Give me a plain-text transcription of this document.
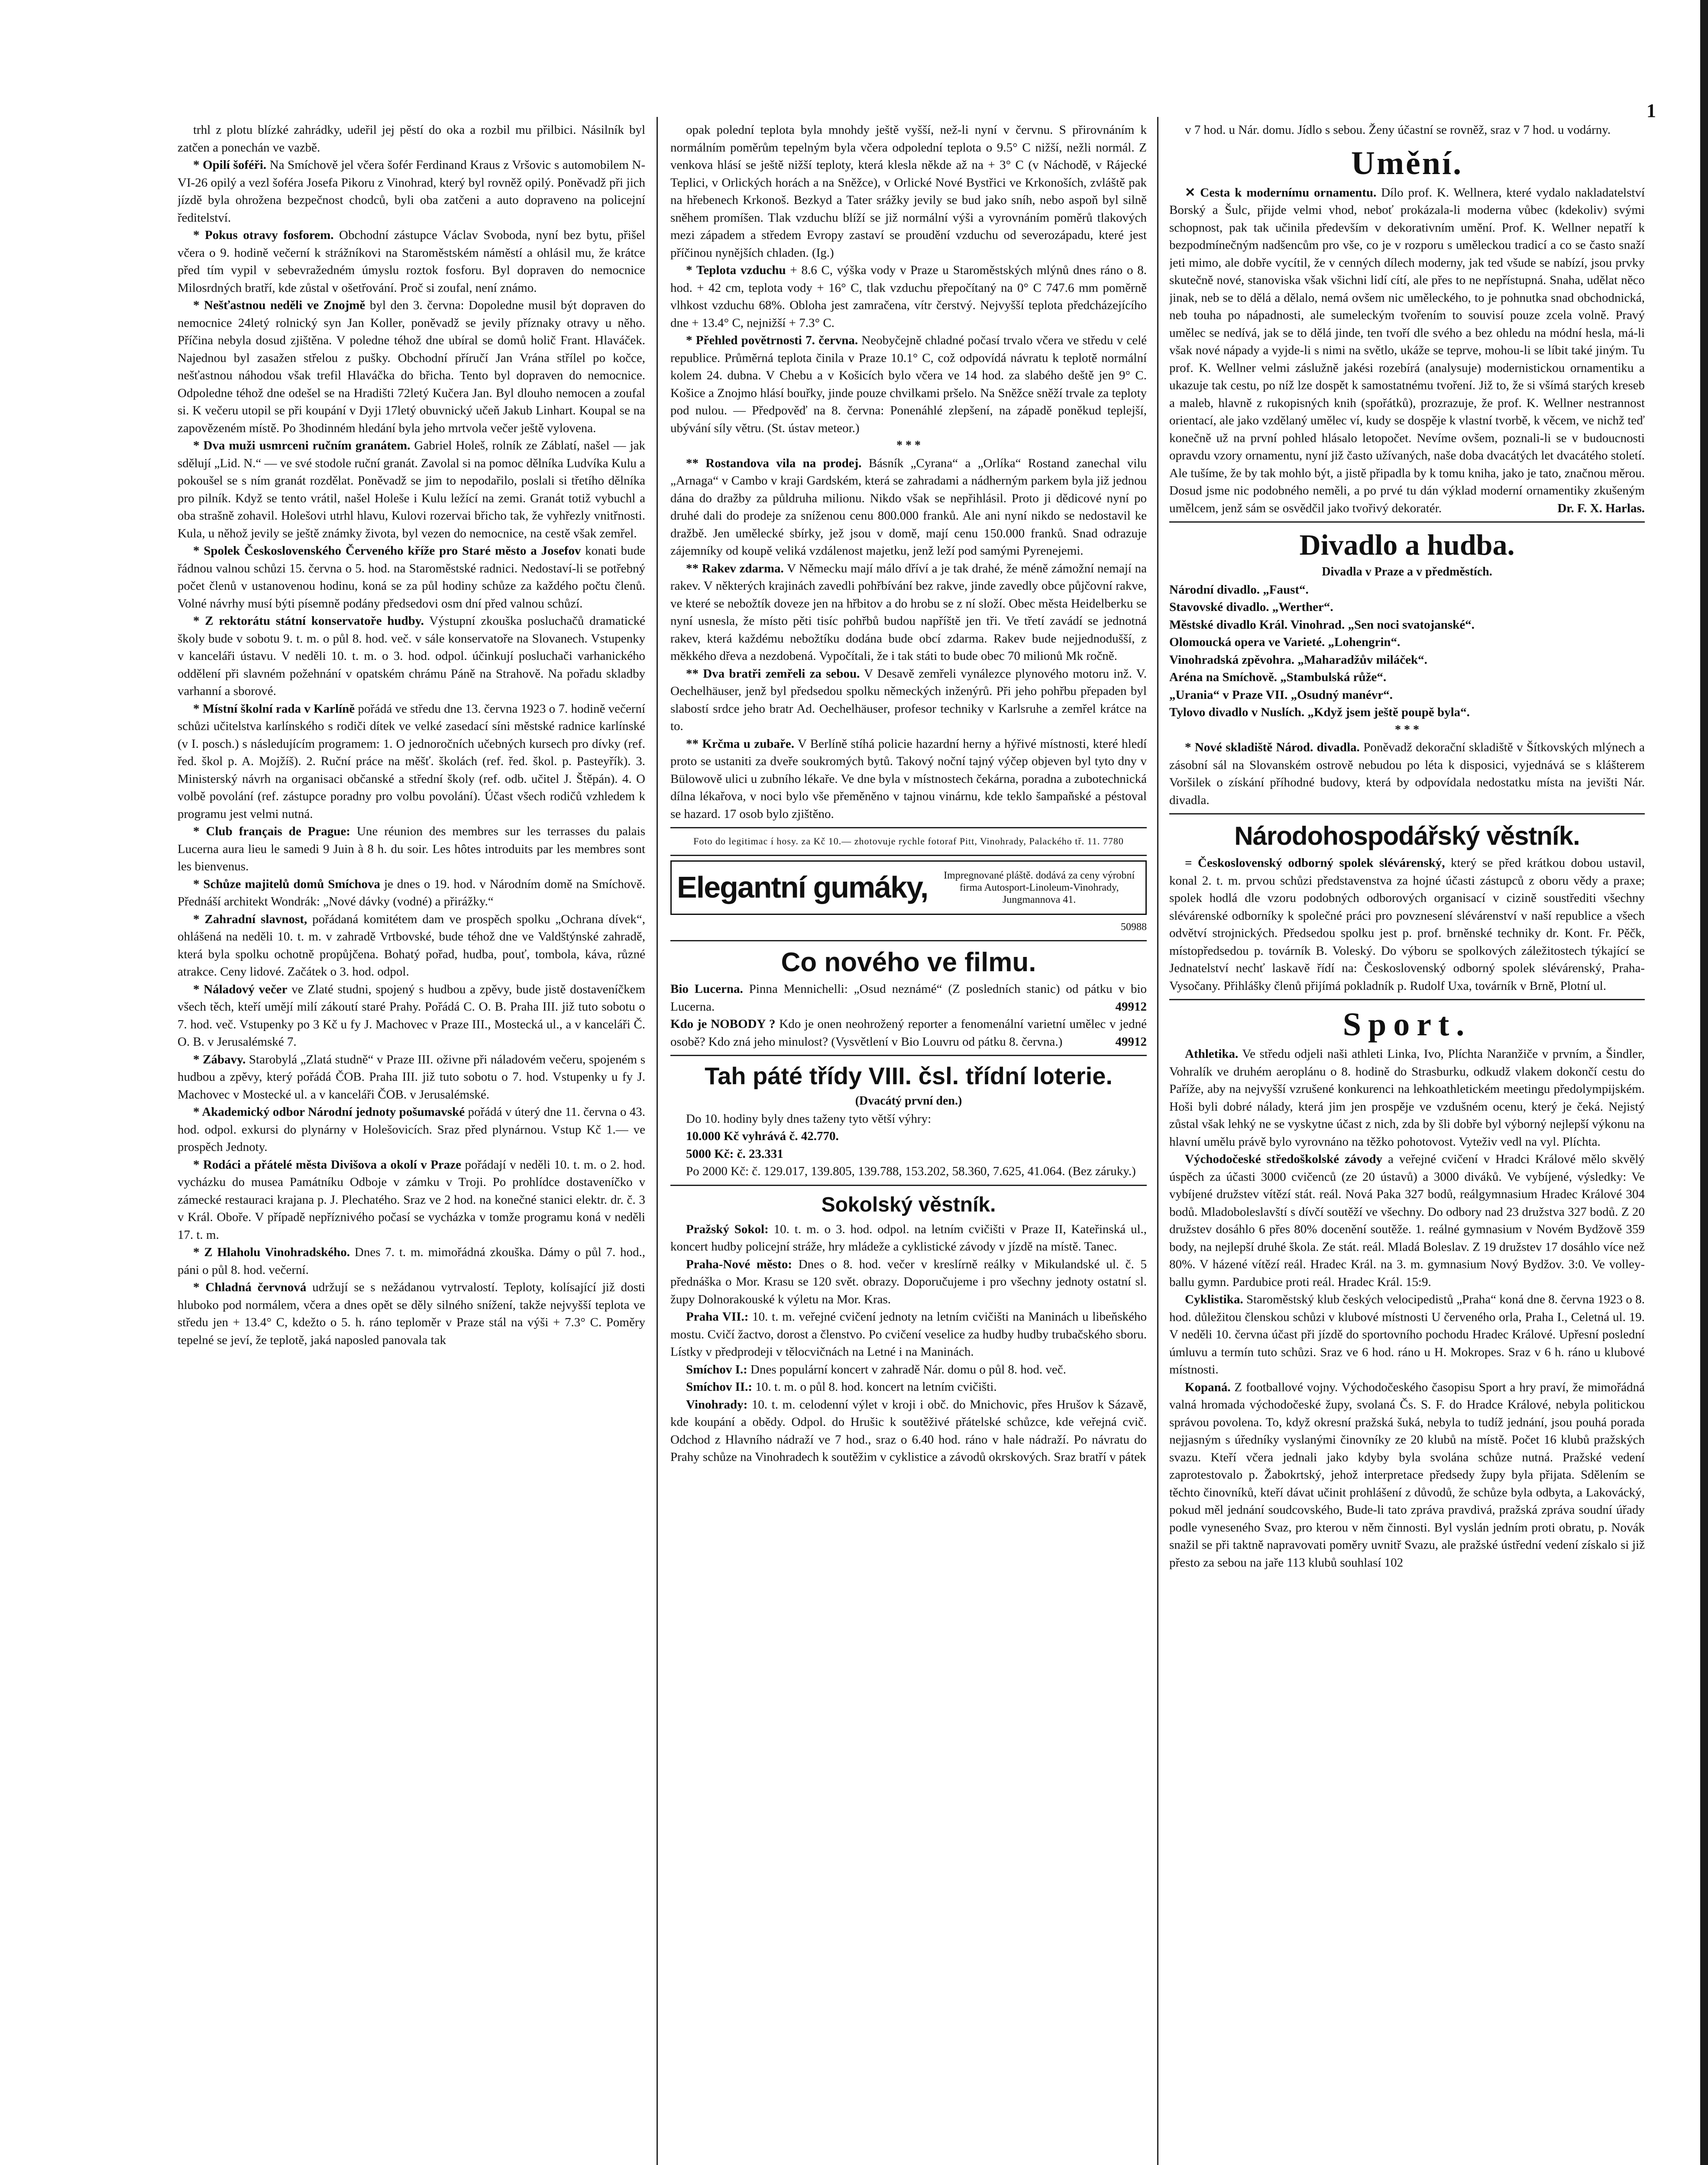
1

trhl z plotu blízké zahrádky, udeřil jej pěstí do oka a rozbil mu přilbici. Násilník byl zatčen a ponechán ve vazbě.

* Opilí šoféři. Na Smíchově jel včera šofér Ferdinand Kraus z Vršovic s automobilem N-VI-26 opilý a vezl šoféra Josefa Pikoru z Vinohrad, který byl rovněž opilý. Poněvadž při jich jízdě byla ohrožena bezpečnost chodců, byli oba zatčeni a auto dopraveno na policejní ředitelství.

* Pokus otravy fosforem. Obchodní zástupce Václav Svoboda, nyní bez bytu, přišel včera o 9. hodině večerní k strážníkovi na Staroměstském náměstí a ohlásil mu, že krátce před tím vypil v sebevražedném úmyslu roztok fosforu. Byl dopraven do nemocnice Milosrdných bratří, kde zůstal v ošetřování. Proč si zoufal, není známo.

* Nešťastnou neděli ve Znojmě byl den 3. června: Dopoledne musil být dopraven do nemocnice 24letý rolnický syn Jan Koller, poněvadž se jevily příznaky otravy u něho. Příčina nebyla dosud zjištěna. V poledne téhož dne ubíral se domů holič Frant. Hlaváček. Najednou byl zasažen střelou z pušky. Obchodní příručí Jan Vrána střílel po kočce, nešťastnou náhodou však trefil Hlaváčka do břicha. Tento byl dopraven do nemocnice. Odpoledne téhož dne odešel se na Hradišti 72letý Kučera Jan. Byl dlouho nemocen a zoufal si. K večeru utopil se při koupání v Dyji 17letý obuvnický učeň Jakub Linhart. Koupal se na zapovězeném místě. Po 3hodinném hledání byla jeho mrtvola večer ještě vylovena.

* Dva muži usmrceni ručním granátem. Gabriel Holeš, rolník ze Záblatí, našel — jak sdělují „Lid. N.“ — ve své stodole ruční granát. Zavolal si na pomoc dělníka Ludvíka Kulu a pokoušel se s ním granát rozdělat. Poněvadž se jim to nepodařilo, poslali si třetího dělníka pro pilník. Když se tento vrátil, našel Holeše i Kulu ležící na zemi. Granát totiž vybuchl a oba strašně zohavil. Holešovi utrhl hlavu, Kulovi rozervai břicho tak, že vyhřezly vnitřnosti. Kula, u něhož jevily se ještě známky života, byl vezen do nemocnice, na cestě však zemřel.

* Spolek Československého Červeného kříže pro Staré město a Josefov konati bude řádnou valnou schůzi 15. června o 5. hod. na Staroměstské radnici. Nedostaví-li se potřebný počet členů v ustanovenou hodinu, koná se za půl hodiny schůze za každého počtu členů. Volné návrhy musí býti písemně podány předsedovi osm dní před valnou schůzí.

* Z rektorátu státní konservatoře hudby. Výstupní zkouška posluchačů dramatické školy bude v sobotu 9. t. m. o půl 8. hod. več. v sále konservatoře na Slovanech. Vstupenky v kanceláři ústavu. V neděli 10. t. m. o 3. hod. odpol. účinkují posluchači varhanického oddělení při slavném požehnání v opatském chrámu Páně na Strahově. Na pořadu skladby varhanní a sborové.

* Místní školní rada v Karlíně pořádá ve středu dne 13. června 1923 o 7. hodině večerní schůzi učitelstva karlínského s rodiči dítek ve velké zasedací síni městské radnice karlínské (v I. posch.) s následujícím programem: 1. O jednoročních učebných kursech pro dívky (ref. řed. škol p. A. Mojžíš). 2. Ruční práce na měšť. školách (ref. řed. škol. p. Pasteyřík). 3. Ministerský návrh na organisaci občanské a střední školy (ref. odb. učitel J. Štěpán). 4. O volbě povolání (ref. zástupce poradny pro volbu povolání). Účast všech rodičů vzhledem k programu jest velmi nutná.

* Club français de Prague: Une réunion des membres sur les terrasses du palais Lucerna aura lieu le samedi 9 Juin à 8 h. du soir. Les hôtes introduits par les membres sont les bienvenus.

* Schůze majitelů domů Smíchova je dnes o 19. hod. v Národním domě na Smíchově. Přednáší architekt Wondrák: „Nové dávky (vodné) a přirážky.“

* Zahradní slavnost, pořádaná komitétem dam ve prospěch spolku „Ochrana dívek“, ohlášená na neděli 10. t. m. v zahradě Vrtbovské, bude téhož dne ve Valdštýnské zahradě, která byla spolku ochotně propůjčena. Bohatý pořad, hudba, pouť, tombola, káva, různé atrakce. Ceny lidové. Začátek o 3. hod. odpol.

* Náladový večer ve Zlaté studni, spojený s hudbou a zpěvy, bude jistě dostaveníčkem všech těch, kteří umějí milí zákoutí staré Prahy. Pořádá C. O. B. Praha III. již tuto sobotu o 7. hod. več. Vstupenky po 3 Kč u fy J. Machovec v Praze III., Mostecká ul., a v kanceláři Č. O. B. v Jerusalémské 7.

* Zábavy. Starobylá „Zlatá studně“ v Praze III. oživne při náladovém večeru, spojeném s hudbou a zpěvy, který pořádá ČOB. Praha III. již tuto sobotu o 7. hod. Vstupenky u fy J. Machovec v Mostecké ul. a v kanceláři ČOB. v Jerusalémské.

* Akademický odbor Národní jednoty pošumavské pořádá v úterý dne 11. června o 43. hod. odpol. exkursi do plynárny v Holešovicích. Sraz před plynárnou. Vstup Kč 1.— ve prospěch Jednoty.

* Rodáci a přátelé města Divišova a okolí v Praze pořádají v neděli 10. t. m. o 2. hod. vycházku do musea Památníku Odboje v zámku v Troji. Po prohlídce dostaveníčko v zámecké restauraci krajana p. J. Plechatého. Sraz ve 2 hod. na konečné stanici elektr. dr. č. 3 v Král. Oboře. V případě nepříznivého počasí se vycházka v tomže programu koná v neděli 17. t. m.

* Z Hlaholu Vinohradského. Dnes 7. t. m. mimořádná zkouška. Dámy o půl 7. hod., páni o půl 8. hod. večerní.

* Chladná červnová udržují se s nežádanou vytrvalostí. Teploty, kolísající již dosti hluboko pod normálem, včera a dnes opět se děly silného snížení, takže nejvyšší teplota ve středu jen + 13.4° C, kdežto o 5. h. ráno teploměr v Praze stál na výši + 7.3° C. Poměry tepelné se jeví, že teplotě, jaká naposled panovala tak

opak polední teplota byla mnohdy ještě vyšší, než-li nyní v červnu. S přirovnáním k normálním poměrům tepelným byla včera odpolední teplota o 9.5° C nižší, nežli normál. Z venkova hlásí se ještě nižší teploty, která klesla někde až na + 3° C (v Náchodě, v Rájecké Teplici, v Orlických horách a na Sněžce), v Orlické Nové Bystřici ve Krkonoších, zvláště pak na hřebenech Krkonoš. Bezkyd a Tater srážky jevily se bud jako sníh, nebo aspoň byl silně sněhem promíšen. Tlak vzduchu blíží se již normální výši a vyrovnáním poměrů tlakových mezi západem a středem Evropy zastaví se proudění vzduchu od severozápadu, které jest příčinou nynějších chladen. (Ig.)

* Teplota vzduchu + 8.6 C, výška vody v Praze u Staroměstských mlýnů dnes ráno o 8. hod. + 42 cm, teplota vody + 16° C, tlak vzduchu přepočítaný na 0° C 747.6 mm poměrně vlhkost vzduchu 68%. Obloha jest zamračena, vítr čerstvý. Nejvyšší teplota předcházejícího dne + 13.4° C, nejnižší + 7.3° C.

* Přehled povětrnosti 7. června. Neobyčejně chladné počasí trvalo včera ve středu v celé republice. Průměrná teplota činila v Praze 10.1° C, což odpovídá návratu k teplotě normální kolem 24. dubna. V Chebu a v Košicích bylo včera ve 14 hod. za slabého deště jen 9° C. Košice a Znojmo hlásí bouřky, jinde pouze chvilkami pršelo. Na Sněžce sněží trvale za teploty pod nulou. — Předpověď na 8. června: Ponenáhlé zlepšení, na západě poněkud teplejší, ubývání síly větru. (St. ústav meteor.)

* * *

** Rostandova vila na prodej. Básník „Cyrana“ a „Orlíka“ Rostand zanechal vilu „Arnaga“ v Cambo v kraji Gardském, která se zahradami a nádherným parkem byla již jednou dána do dražby za půldruha milionu. Nikdo však se nepřihlásil. Proto ji dědicové nyní po druhé dali do prodeje za sníženou cenu 800.000 franků. Ale ani nyní nikdo se nedostavil ke dražbě. Jen umělecké sbírky, jež jsou v domě, mají cenu 150.000 franků. Snad odrazuje zájemníky od koupě veliká vzdálenost majetku, jenž leží pod samými Pyrenejemi.

** Rakev zdarma. V Německu mají málo dříví a je tak drahé, že méně zámožní nemají na rakev. V některých krajinách zavedli pohřbívání bez rakve, jinde zavedly obce půjčovní rakve, ve které se nebožtík doveze jen na hřbitov a do hrobu se z ní složí. Obec města Heidelberku se nyní usnesla, že místo pěti tisíc pohřbů budou napříště jen tři. Ve třetí zavádí se jednotná rakev, která každému nebožtíku dodána bude obcí zdarma. Rakev bude nejjednodušší, z měkkého dřeva a nezdobená. Vypočítali, že i tak státi to bude obec 70 milionů Mk ročně.

** Dva bratři zemřeli za sebou. V Desavě zemřeli vynálezce plynového motoru inž. V. Oechelhäuser, jenž byl předsedou spolku německých inženýrů. Při jeho pohřbu přepaden byl slabostí srdce jeho bratr Ad. Oechelhäuser, profesor techniky v Karlsruhe a zemřel krátce na to.

** Krčma u zubaře. V Berlíně stíhá policie hazardní herny a hýřivé místnosti, které hledí proto se ustaniti za dveře soukromých bytů. Takový noční tajný výčep objeven byl tyto dny v Bülowově ulici u zubního lékaře. Ve dne byla v místnostech čekárna, poradna a zubotechnická dílna lékařova, v noci bylo vše přeměněno v tajnou vinárnu, kde teklo šampaňské a péstoval se hazard. 17 osob bylo zjištěno.

Foto do legitimac í hosy. za Kč 10.— zhotovuje rychle fotoraf Pitt, Vinohrady, Palackého tř. 11. 7780
Elegantní gumáky,	Impregnované pláště. dodává za ceny výrobní firma Autosport-Linoleum-Vinohrady, Jungmannova 41.
50988
Co nového ve filmu.

Bio Lucerna. Pinna Mennichelli: „Osud neznámé“ (Z posledních stanic) od pátku v bio Lucerna.	49912

Kdo je NOBODY ? Kdo je onen neohrožený reporter a fenomenální varietní umělec v jedné osobě? Kdo zná jeho minulost? (Vysvětlení v Bio Louvru od pátku 8. června.)	49912

Tah páté třídy VIII. čsl. třídní loterie.
(Dvacátý první den.)

Do 10. hodiny byly dnes taženy tyto větší výhry:

10.000 Kč vyhrává č. 42.770.

5000 Kč: č. 23.331

Po 2000 Kč: č. 129.017, 139.805, 139.788, 153.202, 58.360, 7.625, 41.064. (Bez záruky.)

Sokolský věstník.

Pražský Sokol: 10. t. m. o 3. hod. odpol. na letním cvičišti v Praze II, Kateřinská ul., koncert hudby policejní stráže, hry mládeže a cyklistické závody v jízdě na místě. Tanec.

Praha-Nové město: Dnes o 8. hod. večer v kreslírně reálky v Mikulandské ul. č. 5 přednáška o Mor. Krasu se 120 svět. obrazy. Doporučujeme i pro všechny jednoty ostatní sl. župy Dolnorakouské k výletu na Mor. Kras.

Praha VII.: 10. t. m. veřejné cvičení jednoty na letním cvičišti na Maninách u libeňského mostu. Cvičí žactvo, dorost a členstvo. Po cvičení veselice za hudby hudby trubačského sboru. Lístky v předprodeji v tělocvičnách na Letné i na Maninách.

Smíchov I.: Dnes populární koncert v zahradě Nár. domu o půl 8. hod. več.

Smíchov II.: 10. t. m. o půl 8. hod. koncert na letním cvičišti.

Vinohrady: 10. t. m. celodenní výlet v kroji i obč. do Mnichovic, přes Hrušov k Sázavě, kde koupání a obědy. Odpol. do Hrušic k soutěživé přátelské schůzce, kde veřejná cvič. Odchod z Hlavního nádraží ve 7 hod., sraz o 6.40 hod. ráno v hale nádraží. Po návratu do Prahy schůze na Vinohradech k soutěžim v cyklistice a závodů okrskových. Sraz bratří v pátek

v 7 hod. u Nár. domu. Jídlo s sebou. Ženy účastní se rovněž, sraz v 7 hod. u vodárny.

Umění.

✕ Cesta k modernímu ornamentu. Dílo prof. K. Wellnera, které vydalo nakladatelství Borský a Šulc, přijde velmi vhod, neboť prokázala-li moderna vůbec (kdekoliv) svými schopnost, pak tak učinila především v dekorativním umění. Prof. K. Wellner nepatří k bezpodmínečným nadšencům pro vše, co je v rozporu s uměleckou tradicí a co se často snaží jeti mimo, ale dobře vycítil, že v cenných dílech moderny, jak ted všude se nabízí, jsou prvky skutečně nové, stanoviska však všichni lidí cítí, ale přes to ne nepřístupná. Snaha, udělat něco jinak, neb se to dělá a dělalo, nemá ovšem nic uměleckého, to je pohnutka snad obchodnická, neb touha po nápadnosti, ale sumeleckým tvořením to souvisí pouze zcela volně. Pravý umělec se nedívá, jak se to dělá jinde, ten tvoří dle svého a bez ohledu na módní hesla, má-li však nové nápady a vyjde-li s nimi na světlo, ukáže se teprve, mohou-li se líbit také jiným. Tu prof. K. Wellner velmi záslužně jakési rozebírá (analysuje) modernistickou ornamentiku a ukazuje tak cestu, po níž lze dospět k samostatnému tvoření. Již to, že si všímá starých kreseb a maleb, hlavně z rukopisných knih (spořátků), prozrazuje, že prof. K. Wellner nestrannost orientací, ale jako vzdělaný umělec ví, kudy se dospěje k vlastní tvorbě, k věcem, ve nichž teď konečně už na první pohled hlásalo letopočet. Nevíme ovšem, poznali-li se v budoucnosti opravdu vzory ornamentu, nyní již často užívaných, naše doba dvacátých let dvacátého století. Ale tušíme, že by tak mohlo být, a jistě připadla by k tomu kniha, jako je tato, značnou měrou. Dosud jsme nic podobného neměli, a po prvé tu dán výklad moderní ornamentiky zkušeným umělcem, jenž sám se osvědčil jako tvořivý dekoratér.	Dr. F. X. Harlas.

Divadlo a hudba.
Divadla v Praze a v předměstích.

Národní divadlo. „Faust“.

Stavovské divadlo. „Werther“.

Městské divadlo Král. Vinohrad. „Sen noci svatojanské“.

Olomoucká opera ve Varieté. „Lohengrin“.

Vinohradská zpěvohra. „Maharadžův miláček“.

Aréna na Smíchově. „Stambulská růže“.

„Urania“ v Praze VII. „Osudný manévr“.

Tylovo divadlo v Nuslích. „Když jsem ještě poupě byla“.

* * *

* Nové skladiště Národ. divadla. Poněvadž dekorační skladiště v Šítkovských mlýnech a zásobní sál na Slovanském ostrově nebudou po léta k disposici, vyjednává se s klášterem Voršilek o získání příhodné budovy, která by odpovídala nedostatku místa na jevišti Nár. divadla.

Národohospodářský věstník.

= Československý odborný spolek slévárenský, který se před krátkou dobou ustavil, konal 2. t. m. prvou schůzi představenstva za hojné účasti zástupců z oboru vědy a praxe; spolek hodlá dle vzoru podobných odborových organisací v cizině soustřediti všechny slévárenské odborníky k společné práci pro povznesení slévárenství v naší republice a všech odvětví strojnických. Předsedou spolku jest p. prof. brněnské techniky dr. Kont. Fr. Pěčk, místopředsedou p. továrník B. Voleský. Do výboru se spolkových záležitostech týkající se Jednatelství nechť laskavě řídí na: Československý odborný spolek slévárenský, Praha-Vysočany. Přihlášky členů přijímá pokladník p. Rudolf Uxa, továrník v Brně, Plotní ul.

Sport.

Athletika. Ve středu odjeli naši athleti Linka, Ivo, Plíchta Naranžiče v prvním, a Šindler, Vohralík ve druhém aeroplánu o 8. hodině do Strasburku, odkudž vlakem dokončí cestu do Paříže, aby na nejvyšší vzrušené konkurenci na lehkoathletickém meetingu předolympijském. Hoši byli dobré nálady, která jim jen prospěje ve vzdušném ocenu, který je čeká. Nejistý zůstal však lehký ne se vyskytne účast z nich, zda by šli dobře byl výborný nejlepší výkonu na hlavní umělu právě bylo vyrovnáno na těžko pohotovost. Vyteživ vedl na vyl. Plíchta.

Východočeské středoškolské závody a veřejné cvičení v Hradci Králové mělo skvělý úspěch za účasti 3000 cvičenců (ze 20 ústavů) a 3000 diváků. Ve vybíjené, výsledky: Ve vybíjené družstev vítězí stát. reál. Nová Paka 327 bodů, reálgymnasium Hradec Králové 304 bodů. Mladoboleslavští s dívčí soutěží ve všechny. Do odbory nad 23 družstva 327 bodů. Z 20 družstev dosáhlo 6 přes 80% docenění soutěže. 1. reálné gymnasium v Novém Bydžově 359 body, na nejlepší druhé škola. Ze stát. reál. Mladá Boleslav. Z 19 družstev 17 dosáhlo více než 80%. V házené vítězí reál. Hradec Král. na 3. m. gymnasium Nový Bydžov. 3:0. Ve volley-ballu gymn. Pardubice proti reál. Hradec Král. 15:9.

Cyklistika. Staroměstský klub českých velocipedistů „Praha“ koná dne 8. června 1923 o 8. hod. důležitou členskou schůzi v klubové místnosti U červeného orla, Praha I., Celetná ul. 19. V neděli 10. června účast při jízdě do sportovního pochodu Hradec Králové. Upřesní poslední úmluvu a termín tuto schůzi. Sraz ve 6 hod. ráno u H. Mokropes. Sraz v 6 h. ráno u klubové místnosti.

Kopaná. Z footballové vojny. Východočeského časopisu Sport a hry praví, že mimořádná valná hromada východočeské župy, svolaná Čs. S. F. do Hradce Králové, nebyla politickou správou povolena. To, když okresní pražská šuká, nebyla to tudíž jednání, jsou pouhá porada nejjasným s úředníky vyslanými činovníky ze 20 klubů na místě. Počet 16 klubů pražských svazu. Kteří včera jednali jako kdyby byla svolána schůze nutná. Pražské vedení zaprotestovalo p. Žabokrtský, jehož interpretace předsedy župy byla přijata. Sdělením se těchto činovníků, kteří dávat učinit prohlášení z důvodů, že schůze byla odbyta, a Lakovácký, pokud měl jednání soudcovského, Bude-li tato zpráva pravdivá, pražská zpráva soudní úřady podle vyneseného Svaz, pro kterou v něm činnosti. Byl vyslán jedním proti obratu, p. Novák snažil se při taktně napravovati poměry uvnitř Svazu, ale pražské ústřední vedení získalo si již přesto za sebou na jaře 113 klubů souhlasí 102
